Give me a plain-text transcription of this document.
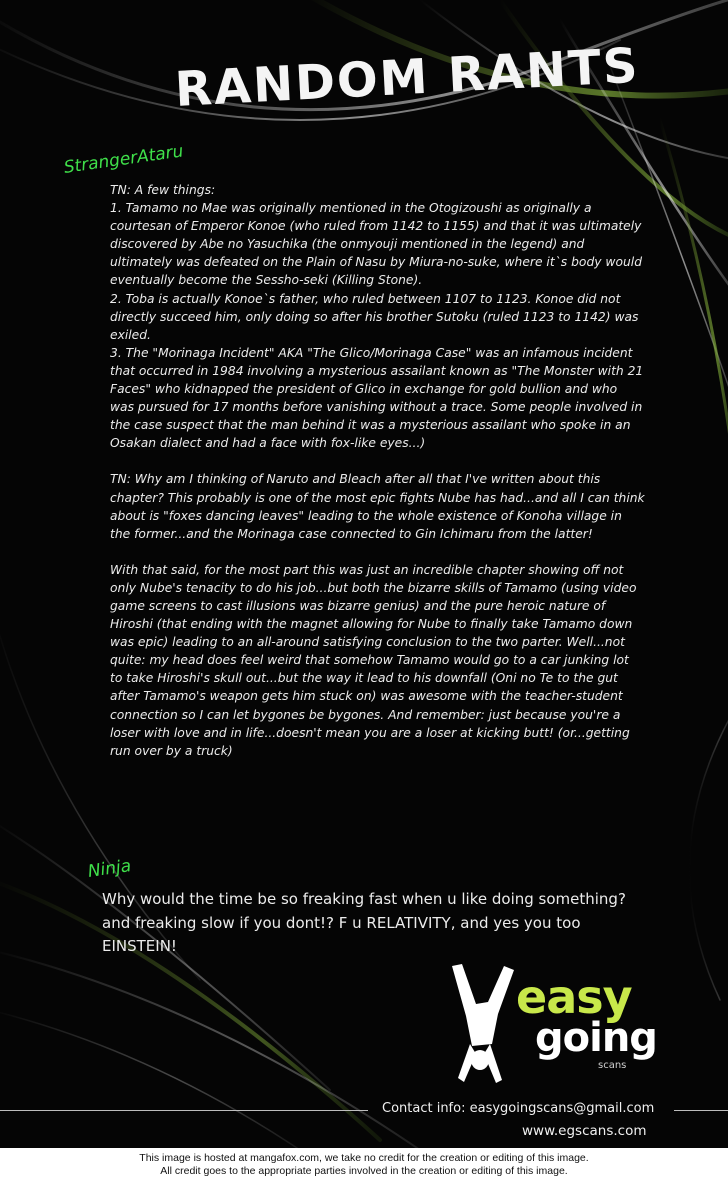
RANDOM RANTS
StrangerAtaru

TN: A few things:
1. Tamamo no Mae was originally mentioned in the Otogizoushi as originally a courtesan of Emperor Konoe (who ruled from 1142 to 1155) and that it was ultimately discovered by Abe no Yasuchika (the onmyouji mentioned in the legend) and ultimately was defeated on the Plain of Nasu by Miura-no-suke, where it`s body would eventually become the Sessho-seki (Killing Stone).
2. Toba is actually Konoe`s father, who ruled between 1107 to 1123. Konoe did not directly succeed him, only doing so after his brother Sutoku (ruled 1123 to 1142) was exiled.
3. The "Morinaga Incident" AKA "The Glico/Morinaga Case" was an infamous incident that occurred in 1984 involving a mysterious assailant known as "The Monster with 21 Faces" who kidnapped the president of Glico in exchange for gold bullion and who was pursued for 17 months before vanishing without a trace. Some people involved in the case suspect that the man behind it was a mysterious assailant who spoke in an Osakan dialect and had a face with fox-like eyes...)

TN: Why am I thinking of Naruto and Bleach after all that I've written about this chapter? This probably is one of the most epic fights Nube has had...and all I can think about is "foxes dancing leaves" leading to the whole existence of Konoha village in the former...and the Morinaga case connected to Gin Ichimaru from the latter!

With that said, for the most part this was just an incredible chapter showing off not only Nube's tenacity to do his job...but both the bizarre skills of Tamamo (using video game screens to cast illusions was bizarre genius) and the pure heroic nature of Hiroshi (that ending with the magnet allowing for Nube to finally take Tamamo down was epic) leading to an all-around satisfying conclusion to the two parter. Well...not quite: my head does feel weird that somehow Tamamo would go to a car junking lot to take Hiroshi's skull out...but the way it lead to his downfall (Oni no Te to the gut after Tamamo's weapon gets him stuck on) was awesome with the teacher-student connection so I can let bygones be bygones. And remember: just because you're a loser with love and in life...doesn't mean you are a loser at kicking butt! (or...getting run over by a truck)

Ninja

Why would the time be so freaking fast when u like doing something? and freaking slow if you dont!? F u RELATIVITY, and yes you too EINSTEIN!

easy
going
scans
Contact info: easygoingscans@gmail.com
www.egscans.com
This image is hosted at mangafox.com, we take no credit for the creation or editing of this image.
All credit goes to the appropriate parties involved in the creation or editing of this image.
